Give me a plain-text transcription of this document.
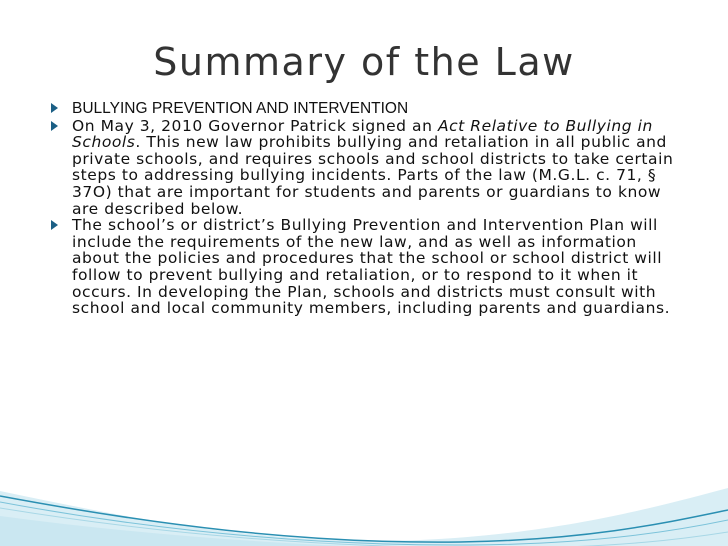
Summary of the Law
BULLYING PREVENTION AND INTERVENTION
On May 3, 2010 Governor Patrick signed an Act Relative to Bullying in Schools. This new law prohibits bullying and retaliation in all public and private schools, and requires schools and school districts to take certain steps to addressing bullying incidents. Parts of the law (M.G.L. c. 71, § 37O) that are important for students and parents or guardians to know are described below.
The school’s or district’s Bullying Prevention and Intervention Plan will include the requirements of the new law, and as well as information about the policies and procedures that the school or school district will follow to prevent bullying and retaliation, or to respond to it when it occurs. In developing the Plan, schools and districts must consult with school and local community members, including parents and guardians.
